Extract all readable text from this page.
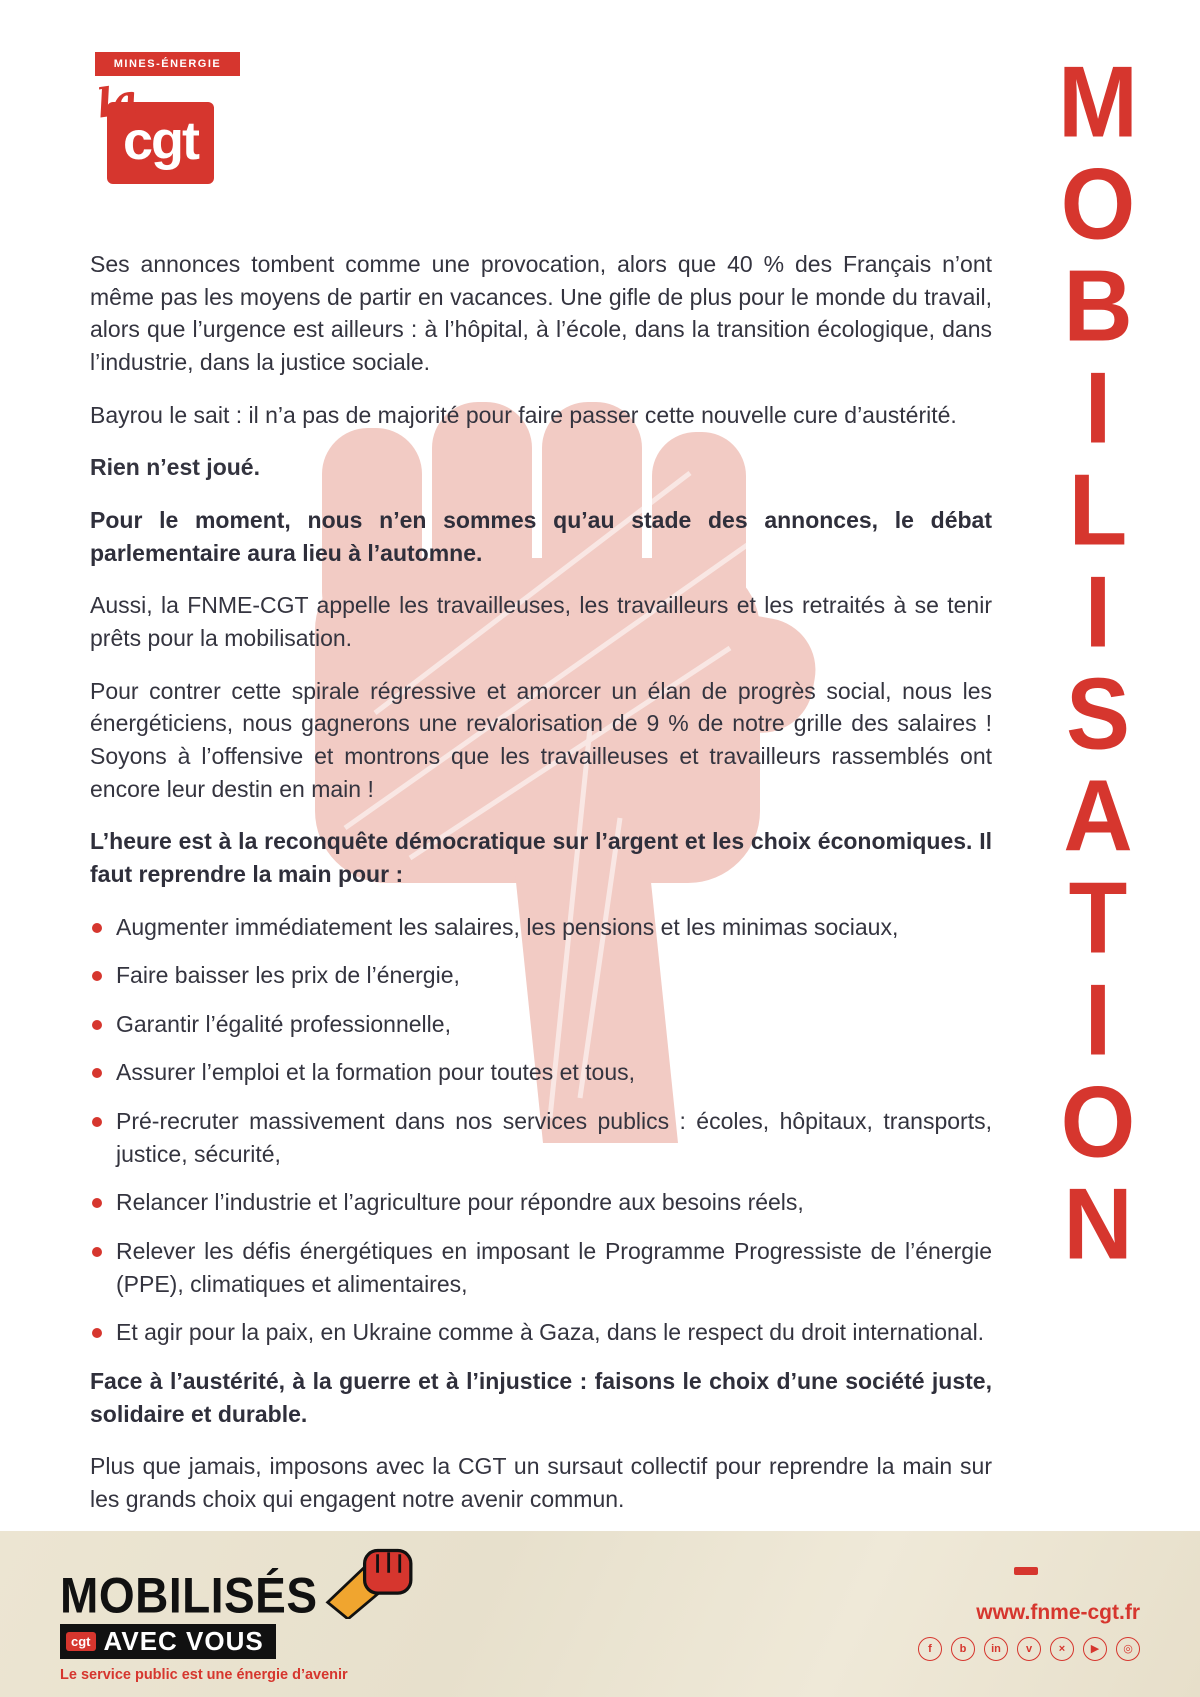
M
O
B
I
L
I
S
A
T
I
O
N
MINES-ÉNERGIE
la
cgt

Ses annonces tombent comme une provocation, alors que 40 % des Français n’ont même pas les moyens de partir en vacances. Une gifle de plus pour le monde du travail, alors que l’urgence est ailleurs : à l’hôpital, à l’école, dans la transition écologique, dans l’industrie, dans la justice sociale.

Bayrou le sait : il n’a pas de majorité pour faire passer cette nouvelle cure d’austérité.

Rien n’est joué.

Pour le moment, nous n’en sommes qu’au stade des annonces, le débat parlementaire aura lieu à l’automne.

Aussi, la FNME-CGT appelle les travailleuses, les travailleurs et les retraités à se tenir prêts pour la mobilisation.

Pour contrer cette spirale régressive et amorcer un élan de progrès social, nous les énergéticiens, nous gagnerons une revalorisation de 9 % de notre grille des salaires ! Soyons à l’offensive et montrons que les travailleuses et travailleurs rassemblés ont encore leur destin en main !

L’heure est à la reconquête démocratique sur l’argent et les choix économiques. Il faut reprendre la main pour :

Augmenter immédiatement les salaires, les pensions et les minimas sociaux,
Faire baisser les prix de l’énergie,
Garantir l’égalité professionnelle,
Assurer l’emploi et la formation pour toutes et tous,
Pré-recruter massivement dans nos services publics : écoles, hôpitaux, transports, justice, sécurité,
Relancer l’industrie et l’agriculture pour répondre aux besoins réels,
Relever les défis énergétiques en imposant le Programme Progressiste de l’énergie (PPE), climatiques et alimentaires,
Et agir pour la paix, en Ukraine comme à Gaza, dans le respect du droit international.

Face à l’austérité, à la guerre et à l’injustice : faisons le choix d’une société juste, solidaire et durable.

Plus que jamais, imposons avec la CGT un sursaut collectif pour reprendre la main sur les grands choix qui engagent notre avenir commun.

MOBILISÉS
cgt AVEC VOUS
Le service public est une énergie d’avenir
www.fnme-cgt.fr
f	b	in	v	×	▶	◎
